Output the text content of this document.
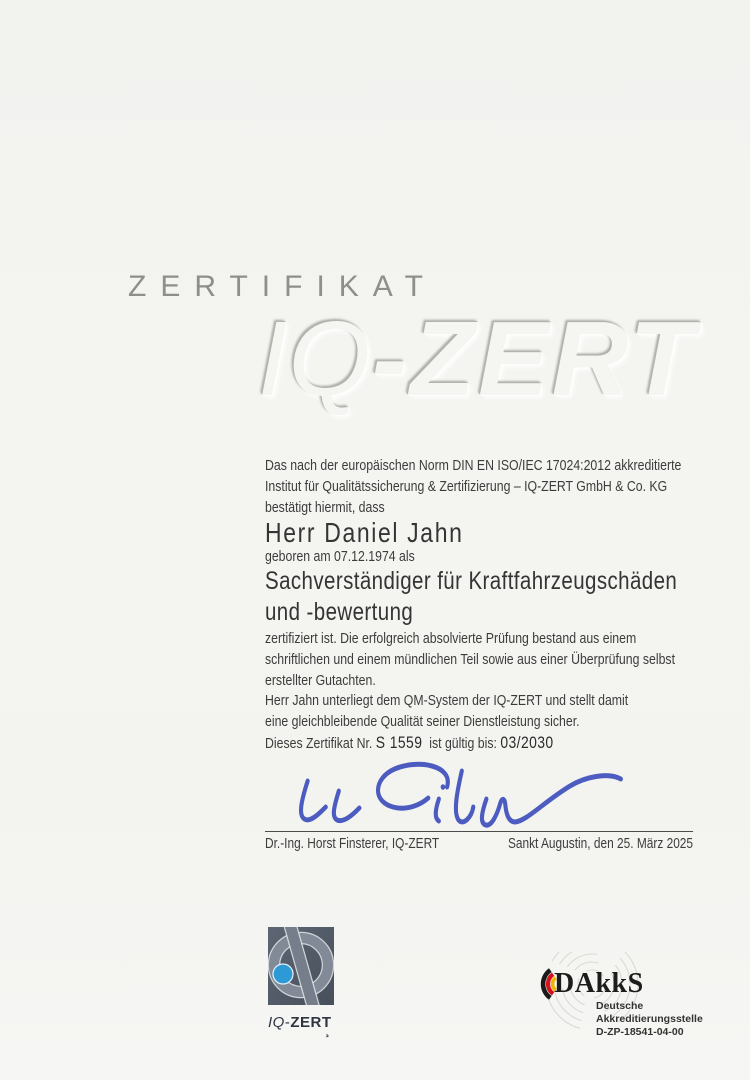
ZERTIFIKAT
IQ-ZERT

Das nach der europäischen Norm DIN EN ISO/IEC 17024:2012 akkreditierte
Institut für Qualitätssicherung & Zertifizierung – IQ-ZERT GmbH & Co. KG
bestätigt hiermit, dass

Herr Daniel Jahn

geboren am 07.12.1974 als

Sachverständiger für Kraftfahrzeugschäden
und -bewertung

zertifiziert ist. Die erfolgreich absolvierte Prüfung bestand aus einem
schriftlichen und einem mündlichen Teil sowie aus einer Überprüfung selbst
erstellter Gutachten.

Herr Jahn unterliegt dem QM-System der IQ-ZERT und stellt damit
eine gleichbleibende Qualität seiner Dienstleistung sicher.

Dieses Zertifikat Nr. S 1559 ist gültig bis: 03/2030

Dr.-Ing. Horst Finsterer, IQ-ZERT	Sankt Augustin, den 25. März 2025
IQ-ZERT ¸
DAkkS
Deutsche
Akkreditierungsstelle
D-ZP-18541-04-00
